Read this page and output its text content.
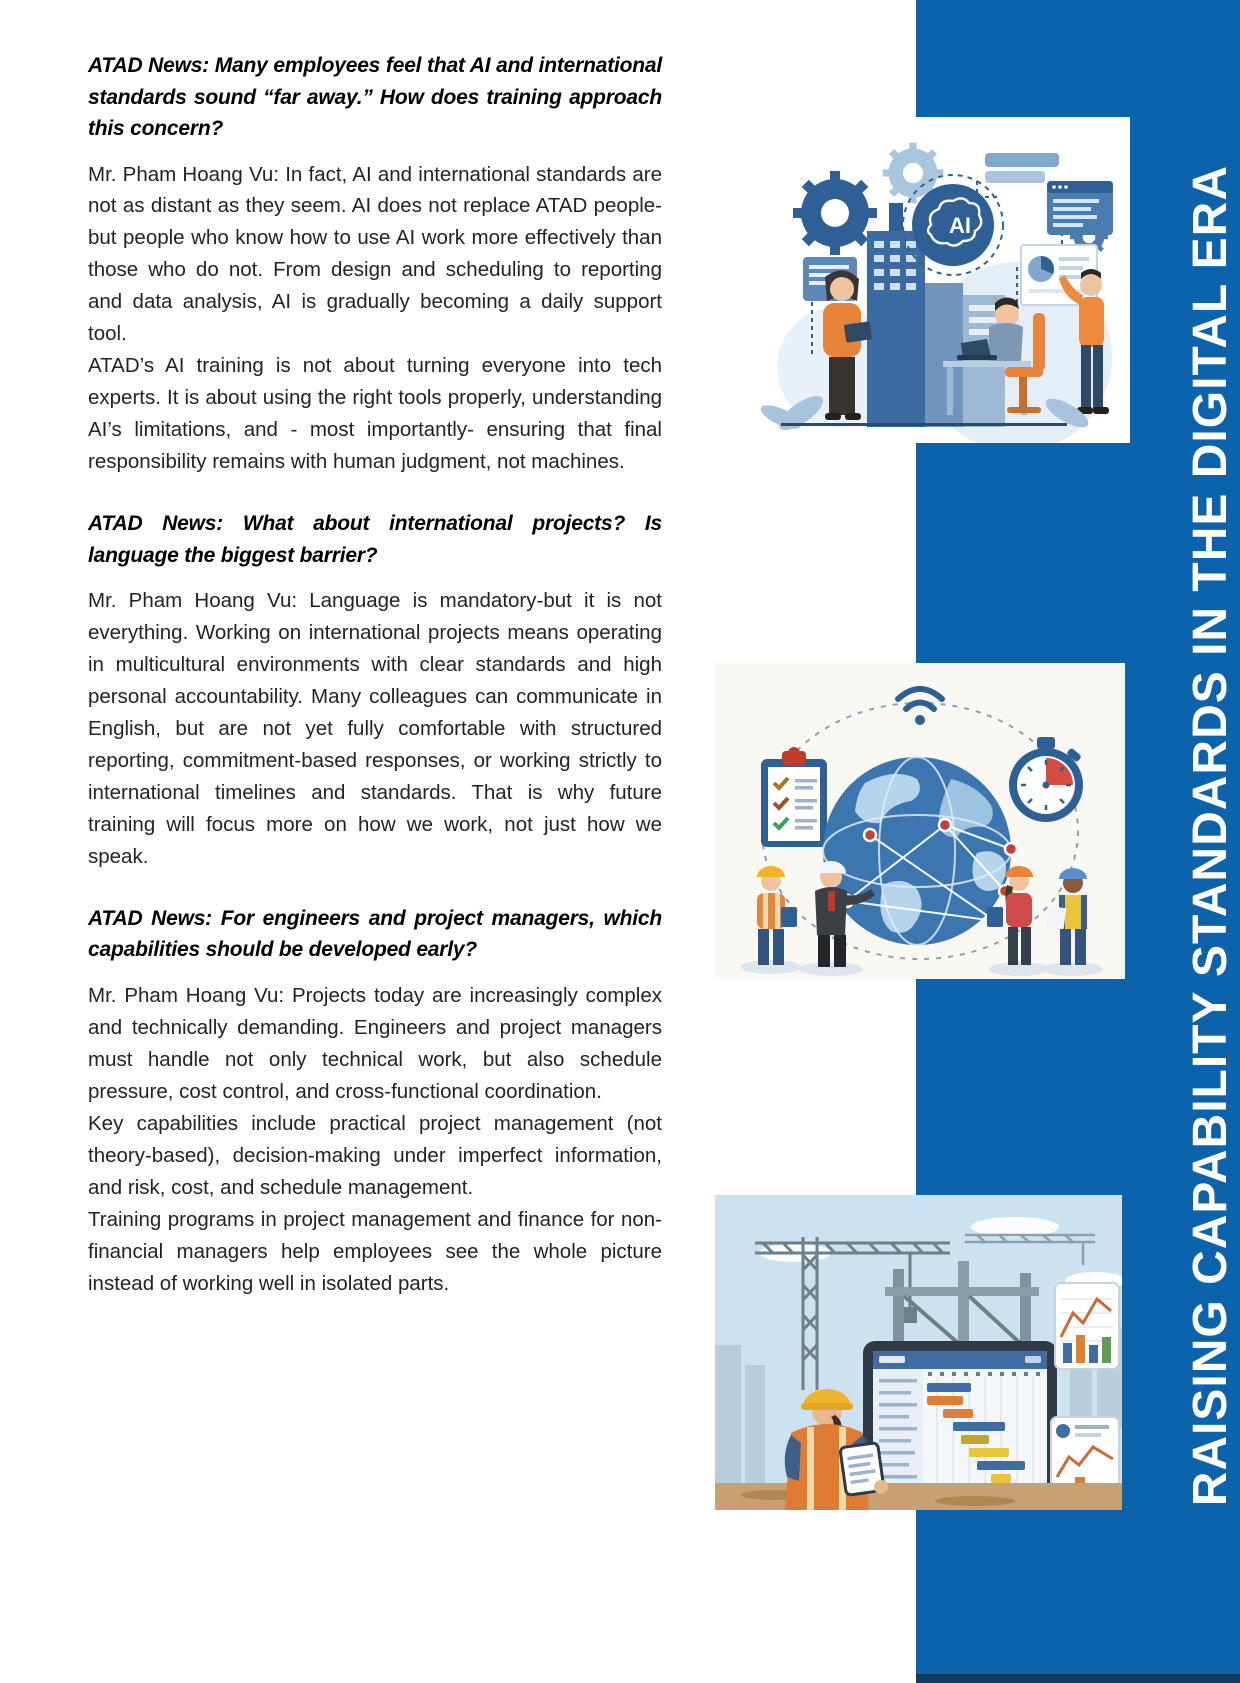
RAISING CAPABILITY STANDARDS IN THE DIGITAL ERA
ATAD News: Many employees feel that AI and international standards sound “far away.” How does training approach this concern?

Mr. Pham Hoang Vu: In fact, AI and international standards are not as distant as they seem. AI does not replace ATAD people-but people who know how to use AI work more effectively than those who do not. From design and scheduling to reporting and data analysis, AI is gradually becoming a daily support tool.

ATAD’s AI training is not about turning everyone into tech experts. It is about using the right tools properly, understanding AI’s limitations, and - most importantly- ensuring that final responsibility remains with human judgment, not machines.

ATAD News: What about international projects? Is language the biggest barrier?

Mr. Pham Hoang Vu: Language is mandatory-but it is not everything. Working on international projects means operating in multicultural environments with clear standards and high personal accountability. Many colleagues can communicate in English, but are not yet fully comfortable with structured reporting, commitment-based responses, or working strictly to international timelines and standards. That is why future training will focus more on how we work, not just how we speak.

ATAD News: For engineers and project managers, which capabilities should be developed early?

Mr. Pham Hoang Vu: Projects today are increasingly complex and technically demanding. Engineers and project managers must handle not only technical work, but also schedule pressure, cost control, and cross-functional coordination.

Key capabilities include practical project management (not theory-based), decision-making under imperfect information, and risk, cost, and schedule management.

Training programs in project management and finance for non-financial managers help employees see the whole picture instead of working well in isolated parts.

AI
